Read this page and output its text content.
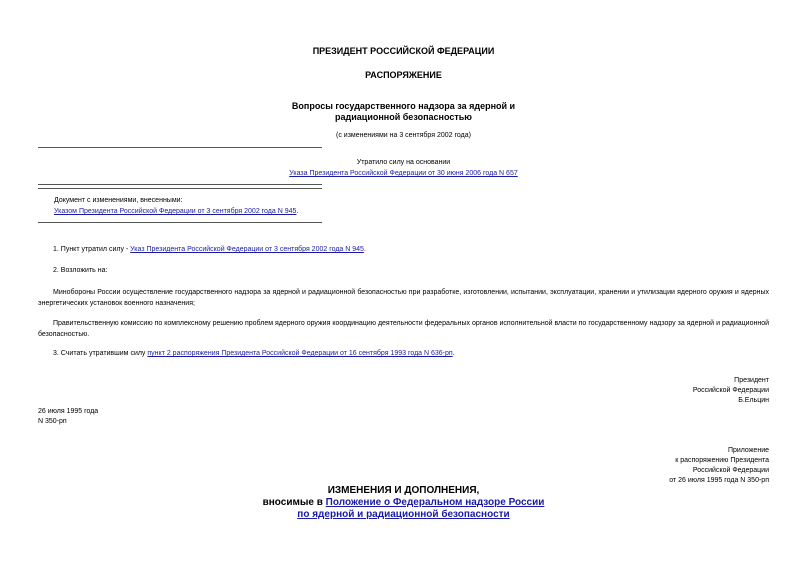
ПРЕЗИДЕНТ РОССИЙСКОЙ ФЕДЕРАЦИИ
РАСПОРЯЖЕНИЕ
Вопросы государственного надзора за ядерной и
радиационной безопасностью
(с изменениями на 3 сентября 2002 года)
Утратило силу на основании
Указа Президента Российской Федерации от 30 июня 2006 года N 657
Документ с изменениями, внесенными:
Указом Президента Российской Федерации от 3 сентября 2002 года N 945.
1. Пункт утратил силу - Указ Президента Российской Федерации от 3 сентября 2002 года N 945.
2. Возложить на:
Минобороны России осуществление государственного надзора за ядерной и радиационной безопасностью при разработке, изготовлении, испытании, эксплуатации, хранении и утилизации ядерного оружия и ядерных энергетических установок военного назначения;
Правительственную комиссию по комплексному решению проблем ядерного оружия координацию деятельности федеральных органов исполнительной власти по государственному надзору за ядерной и радиационной безопасностью.
3. Считать утратившим силу пункт 2 распоряжения Президента Российской Федерации от 16 сентября 1993 года N 636-рп.
Президент
Российской Федерации
Б.Ельцин
26 июля 1995 года
N 350-рп
Приложение
к распоряжению Президента
Российской Федерации
от 26 июля 1995 года N 350-рп
ИЗМЕНЕНИЯ И ДОПОЛНЕНИЯ,
вносимые в Положение о Федеральном надзоре России
по ядерной и радиационной безопасности
